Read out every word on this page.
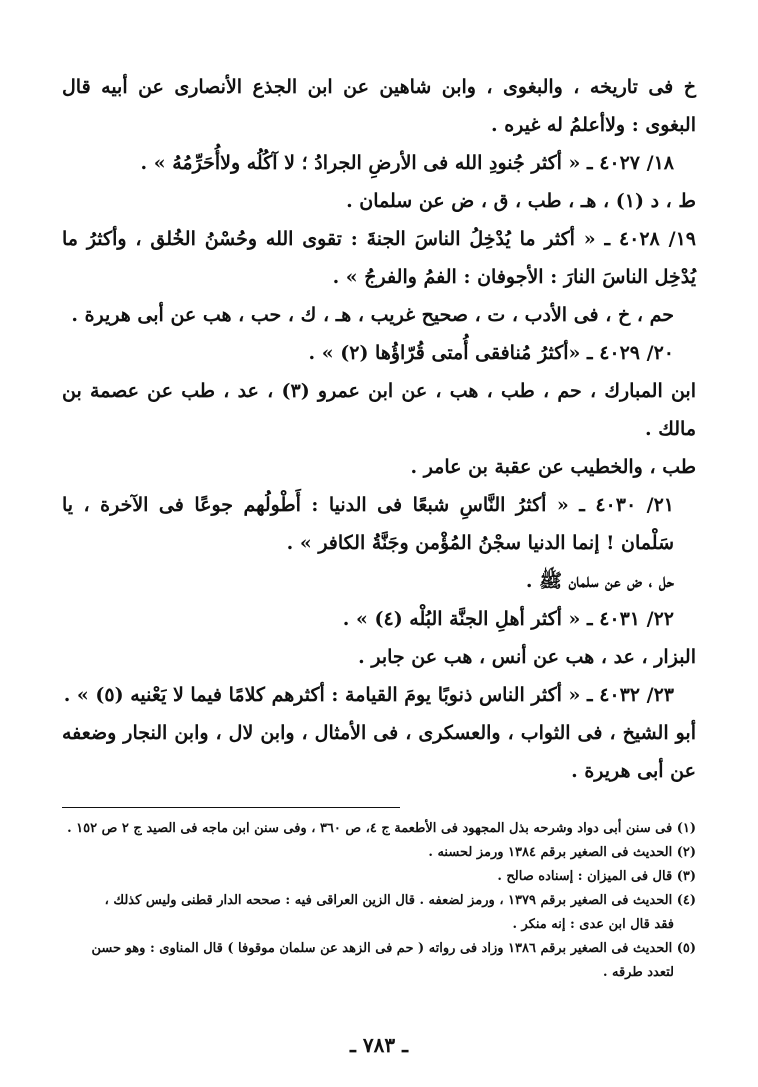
خ فى تاريخه ، والبغوى ، وابن شاهين عن ابن الجذع الأنصارى عن أبيه قال البغوى : ولاأعلمُ له غيره .

١٨/ ٤٠٢٧ ـ « أكثر جُنودِ الله فى الأرضِ الجرادُ ؛ لا آكُلُه ولاأُحَرِّمُهُ » .

ط ، د (١) ، هـ ، طب ، ق ، ض عن سلمان .

١٩/ ٤٠٢٨ ـ « أكثر ما يُدْخِلُ الناسَ الجنةَ : تقوى الله وحُسْنُ الخُلق ، وأكثرُ ما يُدْخِل الناسَ النارَ : الأجوفان : الفمُ والفرجُ » .

حم ، خ ، فى الأدب ، ت ، صحيح غريب ، هـ ، ك ، حب ، هب عن أبى هريرة .

٢٠/ ٤٠٢٩ ـ «أكثرُ مُنافقى أُمتى قُرّاؤُها (٢) » .

ابن المبارك ، حم ، طب ، هب ، عن ابن عمرو (٣) ، عد ، طب عن عصمة بن مالك .

طب ، والخطيب عن عقبة بن عامر .

٢١/ ٤٠٣٠ ـ « أكثرُ النَّاسِ شبعًا فى الدنيا : أَطْولُهم جوعًا فى الآخرة ، يا سَلْمان ! إنما الدنيا سجْنُ المُؤْمن وجَنَّةُ الكافر » .

حل ، ض عن سلمان ﷺ .

٢٢/ ٤٠٣١ ـ « أكثر أهلِ الجنَّة البُلْه (٤) » .

البزار ، عد ، هب عن أنس ، هب عن جابر .

٢٣/ ٤٠٣٢ ـ « أكثر الناس ذنوبًا يومَ القيامة : أكثرهم كلامًا فيما لا يَعْنيه (٥) » .

أبو الشيخ ، فى الثواب ، والعسكرى ، فى الأمثال ، وابن لال ، وابن النجار وضعفه عن أبى هريرة .

(١) فى سنن أبى دواد وشرحه بذل المجهود فى الأطعمة ج ٤، ص ٣٦٠ ، وفى سنن ابن ماجه فى الصيد ج ٢ ص ١٥٢ .

(٢) الحديث فى الصغير برقم ١٣٨٤ ورمز لحسنه .

(٣) قال فى الميزان : إسناده صالح .

(٤) الحديث فى الصغير برقم ١٣٧٩ ، ورمز لضعفه . قال الزين العراقى فيه : صححه الدار قطنى وليس كذلك ،

فقد قال ابن عدى : إنه منكر .

(٥) الحديث فى الصغير برقم ١٣٨٦ وزاد فى رواته ( حم فى الزهد عن سلمان موقوفا ) قال المناوى : وهو حسن

لتعدد طرقه .

ـ ٧٨٣ ـ
